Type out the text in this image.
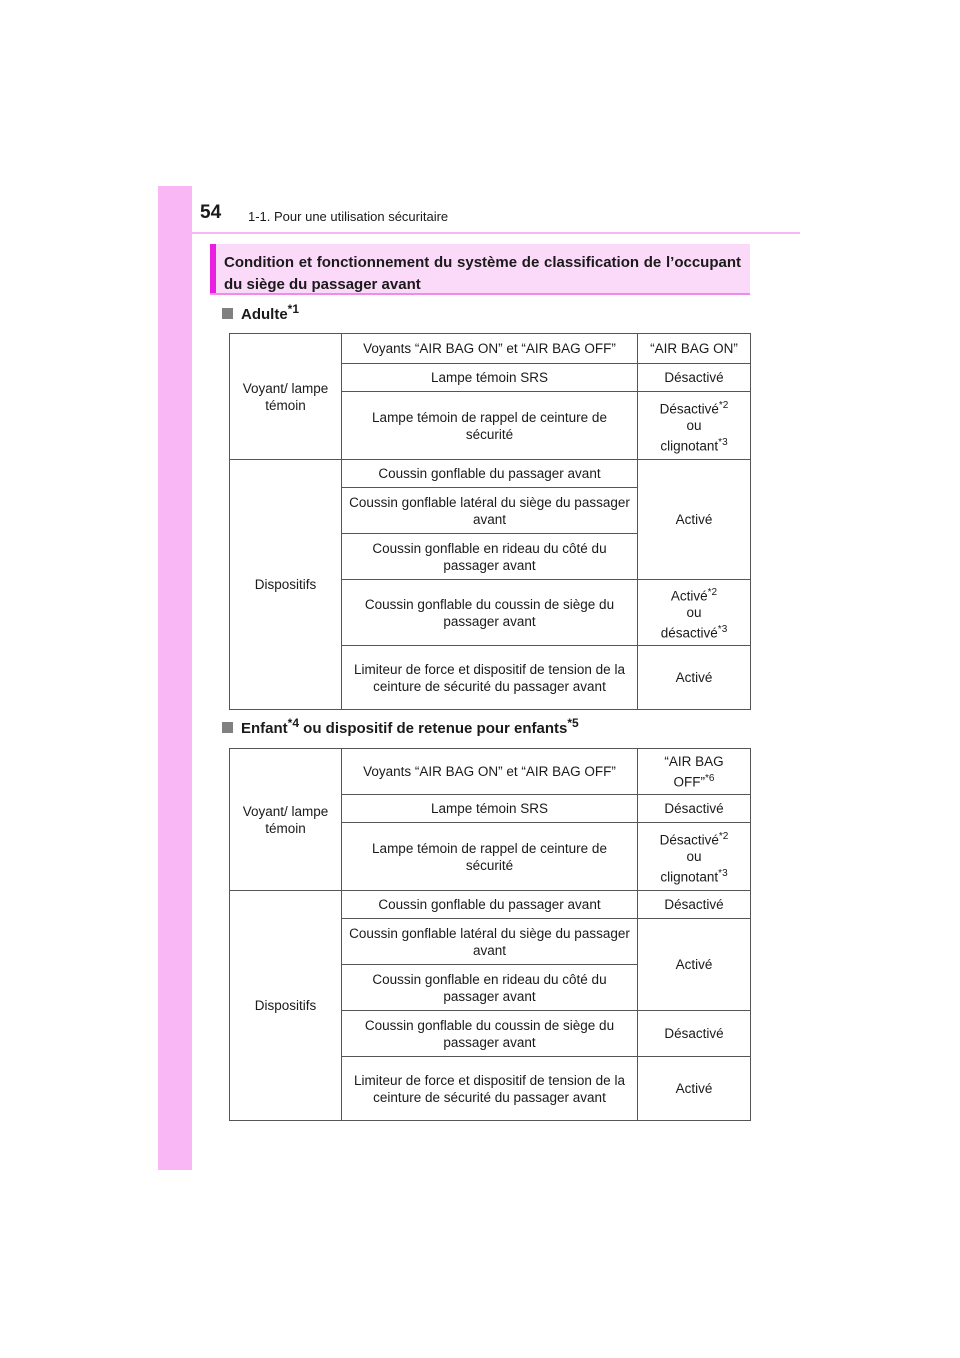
54 1-1. Pour une utilisation sécuritaire
Condition et fonctionnement du système de classification de l’occupant du siège du passager avant
Adulte$^{*1}$
Voyant/ lampe témoin	Voyants “AIR BAG ON” et “AIR BAG OFF”	“AIR BAG ON”
	Lampe témoin SRS	Désactivé
	Lampe témoin de rappel de ceinture de sécurité	Désactivé$^{*2}$
ou
clignotant$^{*3}$
Dispositifs	Coussin gonflable du passager avant	Activé
	Coussin gonflable latéral du siège du passager avant	
	Coussin gonflable en rideau du côté du passager avant	
	Coussin gonflable du coussin de siège du passager avant	Activé$^{*2}$
ou
désactivé$^{*3}$
	Limiteur de force et dispositif de tension de la ceinture de sécurité du passager avant	Activé
Enfant$^{*4}$ ou dispositif de retenue pour enfants$^{*5}$
Voyant/ lampe témoin	Voyants “AIR BAG ON” et “AIR BAG OFF”	“AIR BAG OFF”$^{*6}$
	Lampe témoin SRS	Désactivé
	Lampe témoin de rappel de ceinture de sécurité	Désactivé$^{*2}$
ou
clignotant$^{*3}$
Dispositifs	Coussin gonflable du passager avant	Désactivé
	Coussin gonflable latéral du siège du passager avant	Activé
	Coussin gonflable en rideau du côté du passager avant	
	Coussin gonflable du coussin de siège du passager avant	Désactivé
	Limiteur de force et dispositif de tension de la ceinture de sécurité du passager avant	Activé
